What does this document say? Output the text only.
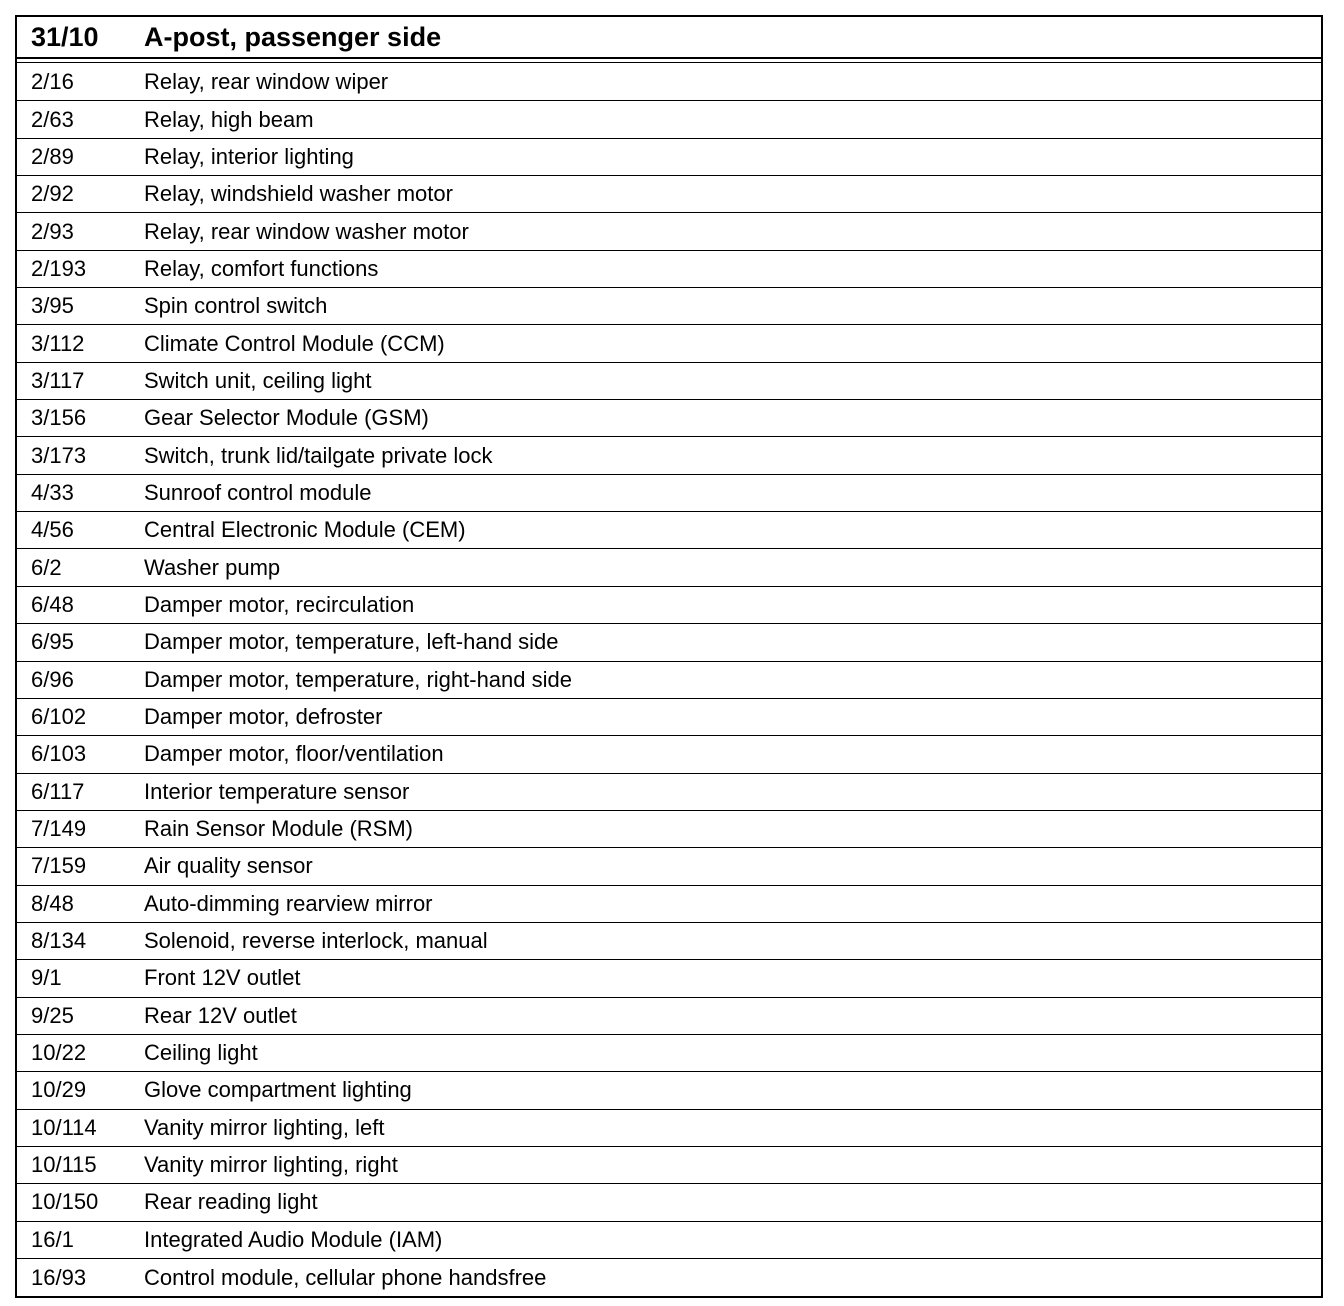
31/10	A-post, passenger side
2/16	Relay, rear window wiper
2/63	Relay, high beam
2/89	Relay, interior lighting
2/92	Relay, windshield washer motor
2/93	Relay, rear window washer motor
2/193	Relay, comfort functions
3/95	Spin control switch
3/112	Climate Control Module (CCM)
3/117	Switch unit, ceiling light
3/156	Gear Selector Module (GSM)
3/173	Switch, trunk lid/tailgate private lock
4/33	Sunroof control module
4/56	Central Electronic Module (CEM)
6/2	Washer pump
6/48	Damper motor, recirculation
6/95	Damper motor, temperature, left-hand side
6/96	Damper motor, temperature, right-hand side
6/102	Damper motor, defroster
6/103	Damper motor, floor/ventilation
6/117	Interior temperature sensor
7/149	Rain Sensor Module (RSM)
7/159	Air quality sensor
8/48	Auto-dimming rearview mirror
8/134	Solenoid, reverse interlock, manual
9/1	Front 12V outlet
9/25	Rear 12V outlet
10/22	Ceiling light
10/29	Glove compartment lighting
10/114	Vanity mirror lighting, left
10/115	Vanity mirror lighting, right
10/150	Rear reading light
16/1	Integrated Audio Module (IAM)
16/93	Control module, cellular phone handsfree
